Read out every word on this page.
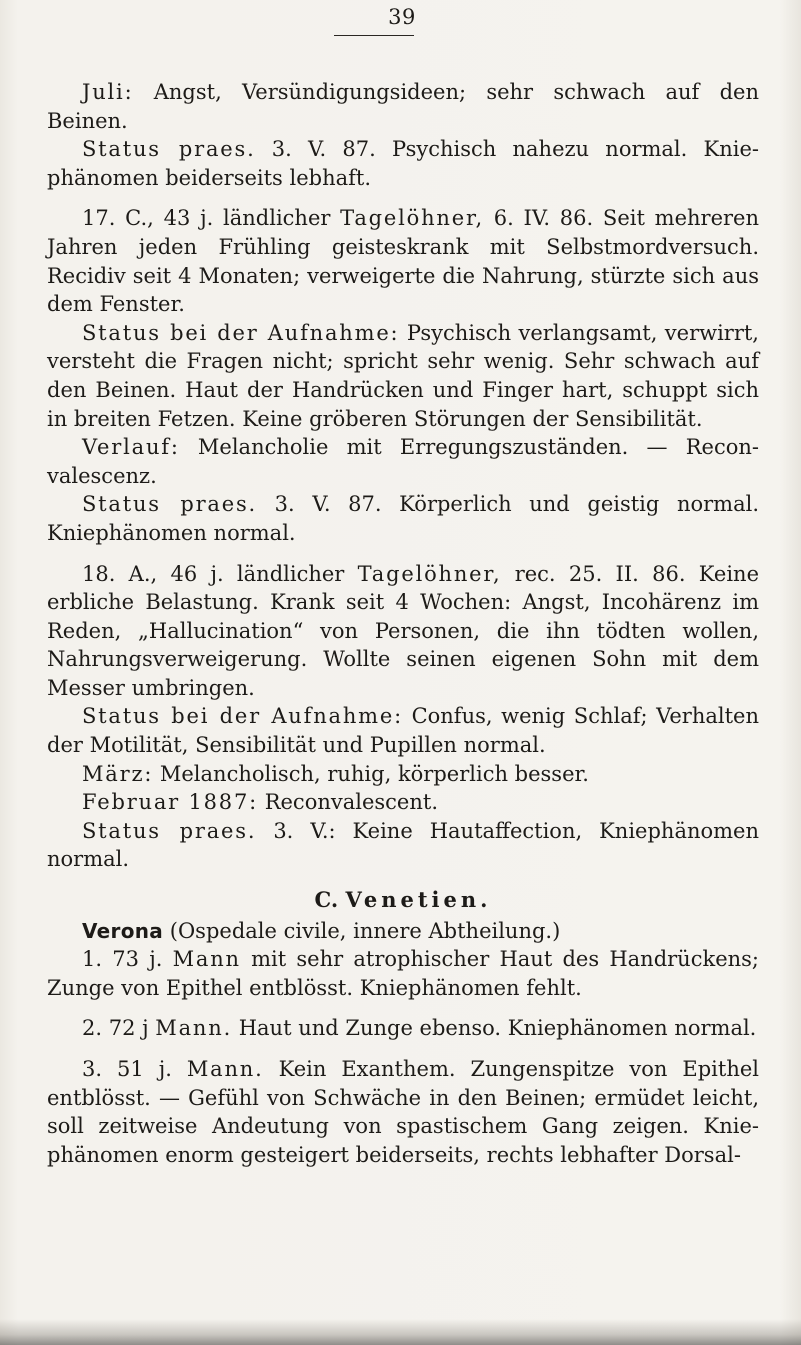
39

Juli: Angst, Versündigungsideen; sehr schwach auf den Beinen.

Status praes. 3. V. 87. Psychisch nahezu normal. Kniephänomen beiderseits lebhaft.

17. C., 43 j. ländlicher Tagelöhner, 6. IV. 86. Seit mehreren Jahren jeden Frühling geisteskrank mit Selbstmordversuch. Recidiv seit 4 Monaten; verweigerte die Nahrung, stürzte sich aus dem Fenster.

Status bei der Aufnahme: Psychisch verlangsamt, verwirrt, versteht die Fragen nicht; spricht sehr wenig. Sehr schwach auf den Beinen. Haut der Handrücken und Finger hart, schuppt sich in breiten Fetzen. Keine gröberen Störungen der Sensibilität.

Verlauf: Melancholie mit Erregungszuständen. — Reconvalescenz.

Status praes. 3. V. 87. Körperlich und geistig normal. Kniephänomen normal.

18. A., 46 j. ländlicher Tagelöhner, rec. 25. II. 86. Keine erbliche Belastung. Krank seit 4 Wochen: Angst, Incohärenz im Reden, „Hallucination“ von Personen, die ihn tödten wollen, Nahrungsverweigerung. Wollte seinen eigenen Sohn mit dem Messer umbringen.

Status bei der Aufnahme: Confus, wenig Schlaf; Verhalten der Motilität, Sensibilität und Pupillen normal.

März: Melancholisch, ruhig, körperlich besser.

Februar 1887: Reconvalescent.

Status praes. 3. V.: Keine Hautaffection, Kniephänomen normal.

C. Venetien.

Verona (Ospedale civile, innere Abtheilung.)

1. 73 j. Mann mit sehr atrophischer Haut des Handrückens; Zunge von Epithel entblösst. Kniephänomen fehlt.

2. 72 j Mann. Haut und Zunge ebenso. Kniephänomen normal.

3. 51 j. Mann. Kein Exanthem. Zungenspitze von Epithel entblösst. — Gefühl von Schwäche in den Beinen; ermüdet leicht, soll zeitweise Andeutung von spastischem Gang zeigen. Kniephänomen enorm gesteigert beiderseits, rechts lebhafter Dorsal-
